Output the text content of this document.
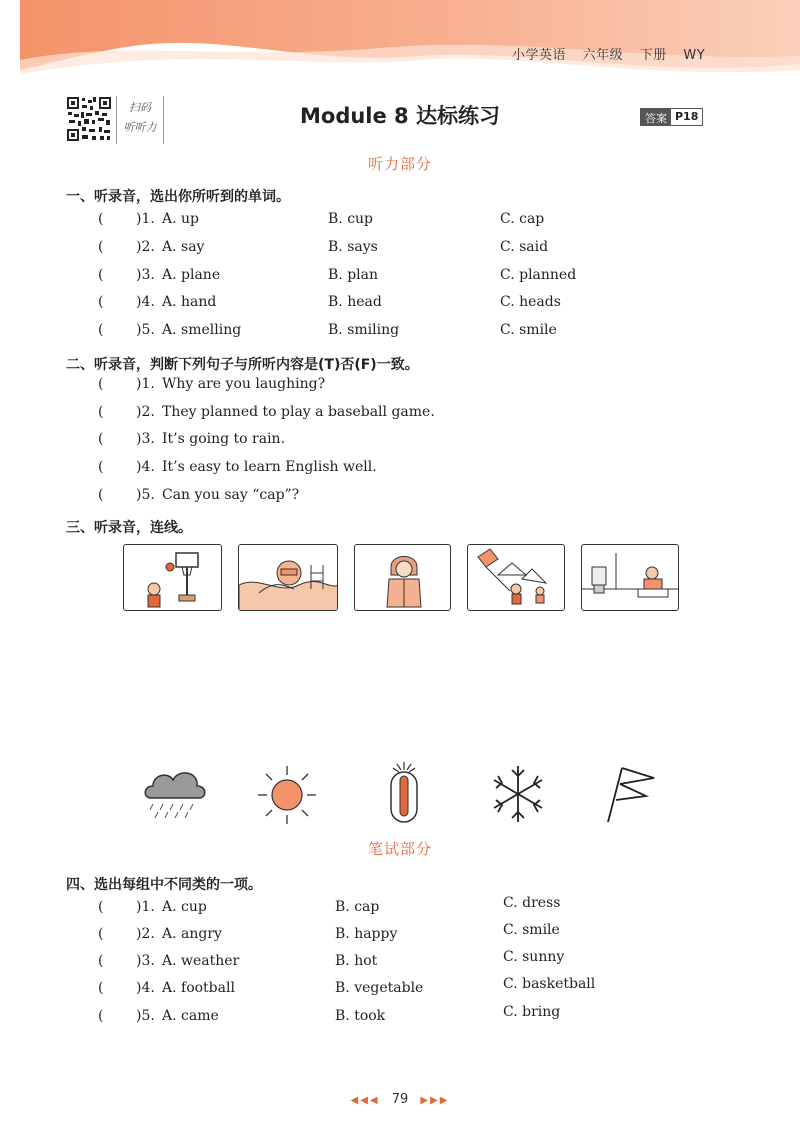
小学英语 六年级 下册 WY
扫码
听听力	Module 8 达标练习	答案 P18
听力部分
一、听录音，选出你所听到的单词。
( )1. A. up	B. cup	C. cap
( )2. A. say	B. says	C. said
( )3. A. plane	B. plan	C. planned
( )4. A. hand	B. head	C. heads
( )5. A. smelling	B. smiling	C. smile
二、听录音，判断下列句子与所听内容是(T)否(F)一致。
( )1. Why are you laughing?
( )2. They planned to play a baseball game.
( )3. It’s going to rain.
( )4. It’s easy to learn English well.
( )5. Can you say “cap”?
三、听录音，连线。
笔试部分
四、选出每组中不同类的一项。
( )1. A. cup	B. cap	C. dress
( )2. A. angry	B. happy	C. smile
( )3. A. weather	B. hot	C. sunny
( )4. A. football	B. vegetable	C. basketball
( )5. A. came	B. took	C. bring
◀◀◀ 79 ▶▶▶
